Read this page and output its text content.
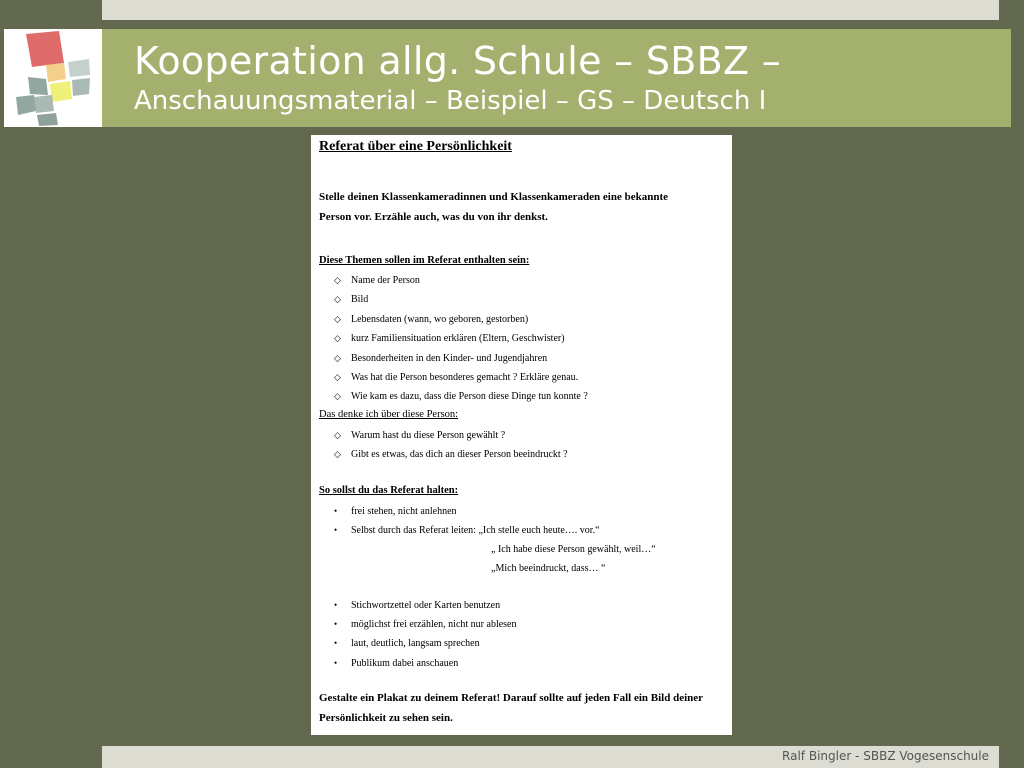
Kooperation allg. Schule – SBBZ –
Anschauungsmaterial – Beispiel – GS – Deutsch I
Referat über eine Persönlichkeit
Stelle deinen Klassenkameradinnen und Klassenkameraden eine bekannte
Person vor. Erzähle auch, was du von ihr denkst.
Diese Themen sollen im Referat enthalten sein:
◇ Name der Person
◇ Bild
◇ Lebensdaten (wann, wo geboren, gestorben)
◇ kurz Familiensituation erklären (Eltern, Geschwister)
◇ Besonderheiten in den Kinder- und Jugendjahren
◇ Was hat die Person besonderes gemacht ? Erkläre genau.
◇ Wie kam es dazu, dass die Person diese Dinge tun konnte ?
Das denke ich über diese Person:
◇ Warum hast du diese Person gewählt ?
◇ Gibt es etwas, das dich an dieser Person beeindruckt ?
So sollst du das Referat halten:
• frei stehen, nicht anlehnen
• Selbst durch das Referat leiten: „Ich stelle euch heute…. vor.“
„ Ich habe diese Person gewählt, weil…“
„Mich beeindruckt, dass… “
• Stichwortzettel oder Karten benutzen
• möglichst frei erzählen, nicht nur ablesen
• laut, deutlich, langsam sprechen
• Publikum dabei anschauen
Gestalte ein Plakat zu deinem Referat! Darauf sollte auf jeden Fall ein Bild deiner
Persönlichkeit zu sehen sein.
Ralf Bingler - SBBZ Vogesenschule
